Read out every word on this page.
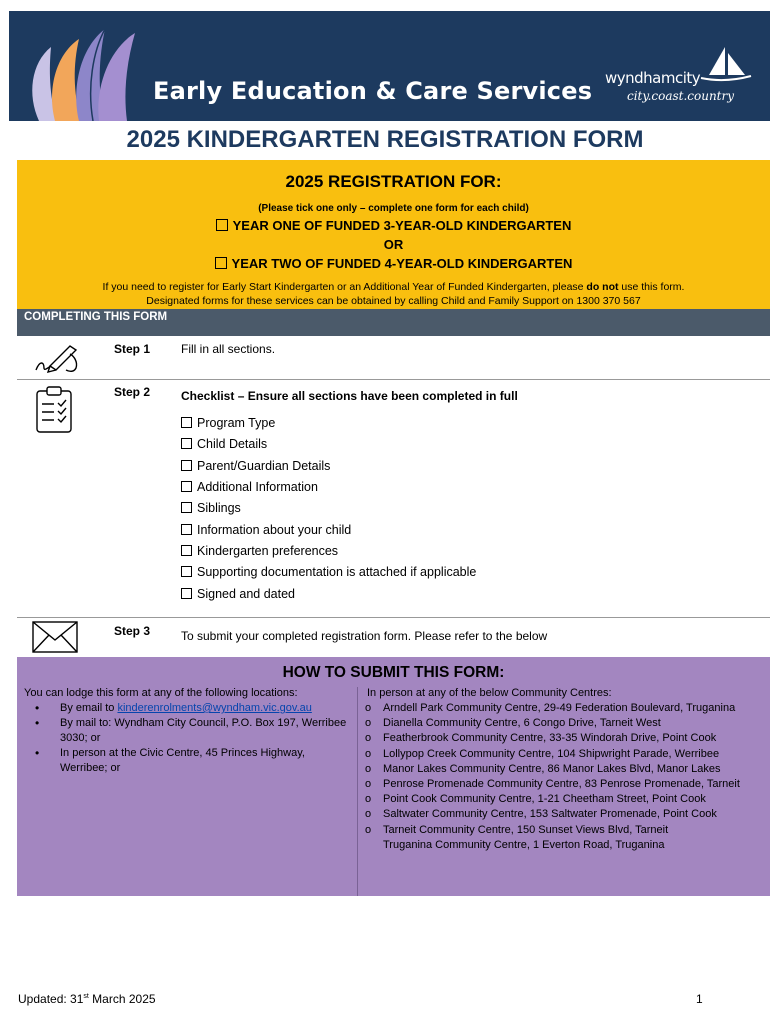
Early Education & Care Services wyndhamcity
city.coast.country
2025 KINDERGARTEN REGISTRATION FORM
2025 REGISTRATION FOR:
(Please tick one only – complete one form for each child)
YEAR ONE OF FUNDED 3-YEAR-OLD KINDERGARTEN
OR
YEAR TWO OF FUNDED 4-YEAR-OLD KINDERGARTEN
If you need to register for Early Start Kindergarten or an Additional Year of Funded Kindergarten, please do not use this form.
Designated forms for these services can be obtained by calling Child and Family Support on 1300 370 567
COMPLETING THIS FORM
Step 1	Fill in all sections.
Step 2	Checklist – Ensure all sections have been completed in full
Program Type
Child Details
Parent/Guardian Details
Additional Information
Siblings
Information about your child
Kindergarten preferences
Supporting documentation is attached if applicable
Signed and dated
Step 3	To submit your completed registration form. Please refer to the below
HOW TO SUBMIT THIS FORM:
You can lodge this form at any of the following locations:
• By email to kinderenrolments@wyndham.vic.gov.au
• By mail to: Wyndham City Council, P.O. Box 197, Werribee 3030; or
• In person at the Civic Centre, 45 Princes Highway, Werribee; or
In person at any of the below Community Centres:
o Arndell Park Community Centre, 29-49 Federation Boulevard, Truganina
o Dianella Community Centre, 6 Congo Drive, Tarneit West
o Featherbrook Community Centre, 33-35 Windorah Drive, Point Cook
o Lollypop Creek Community Centre, 104 Shipwright Parade, Werribee
o Manor Lakes Community Centre, 86 Manor Lakes Blvd, Manor Lakes
o Penrose Promenade Community Centre, 83 Penrose Promenade, Tarneit
o Point Cook Community Centre, 1-21 Cheetham Street, Point Cook
o Saltwater Community Centre, 153 Saltwater Promenade, Point Cook
o Tarneit Community Centre, 150 Sunset Views Blvd, Tarneit
Truganina Community Centre, 1 Everton Road, Truganina
Updated: 31st March 2025	1
